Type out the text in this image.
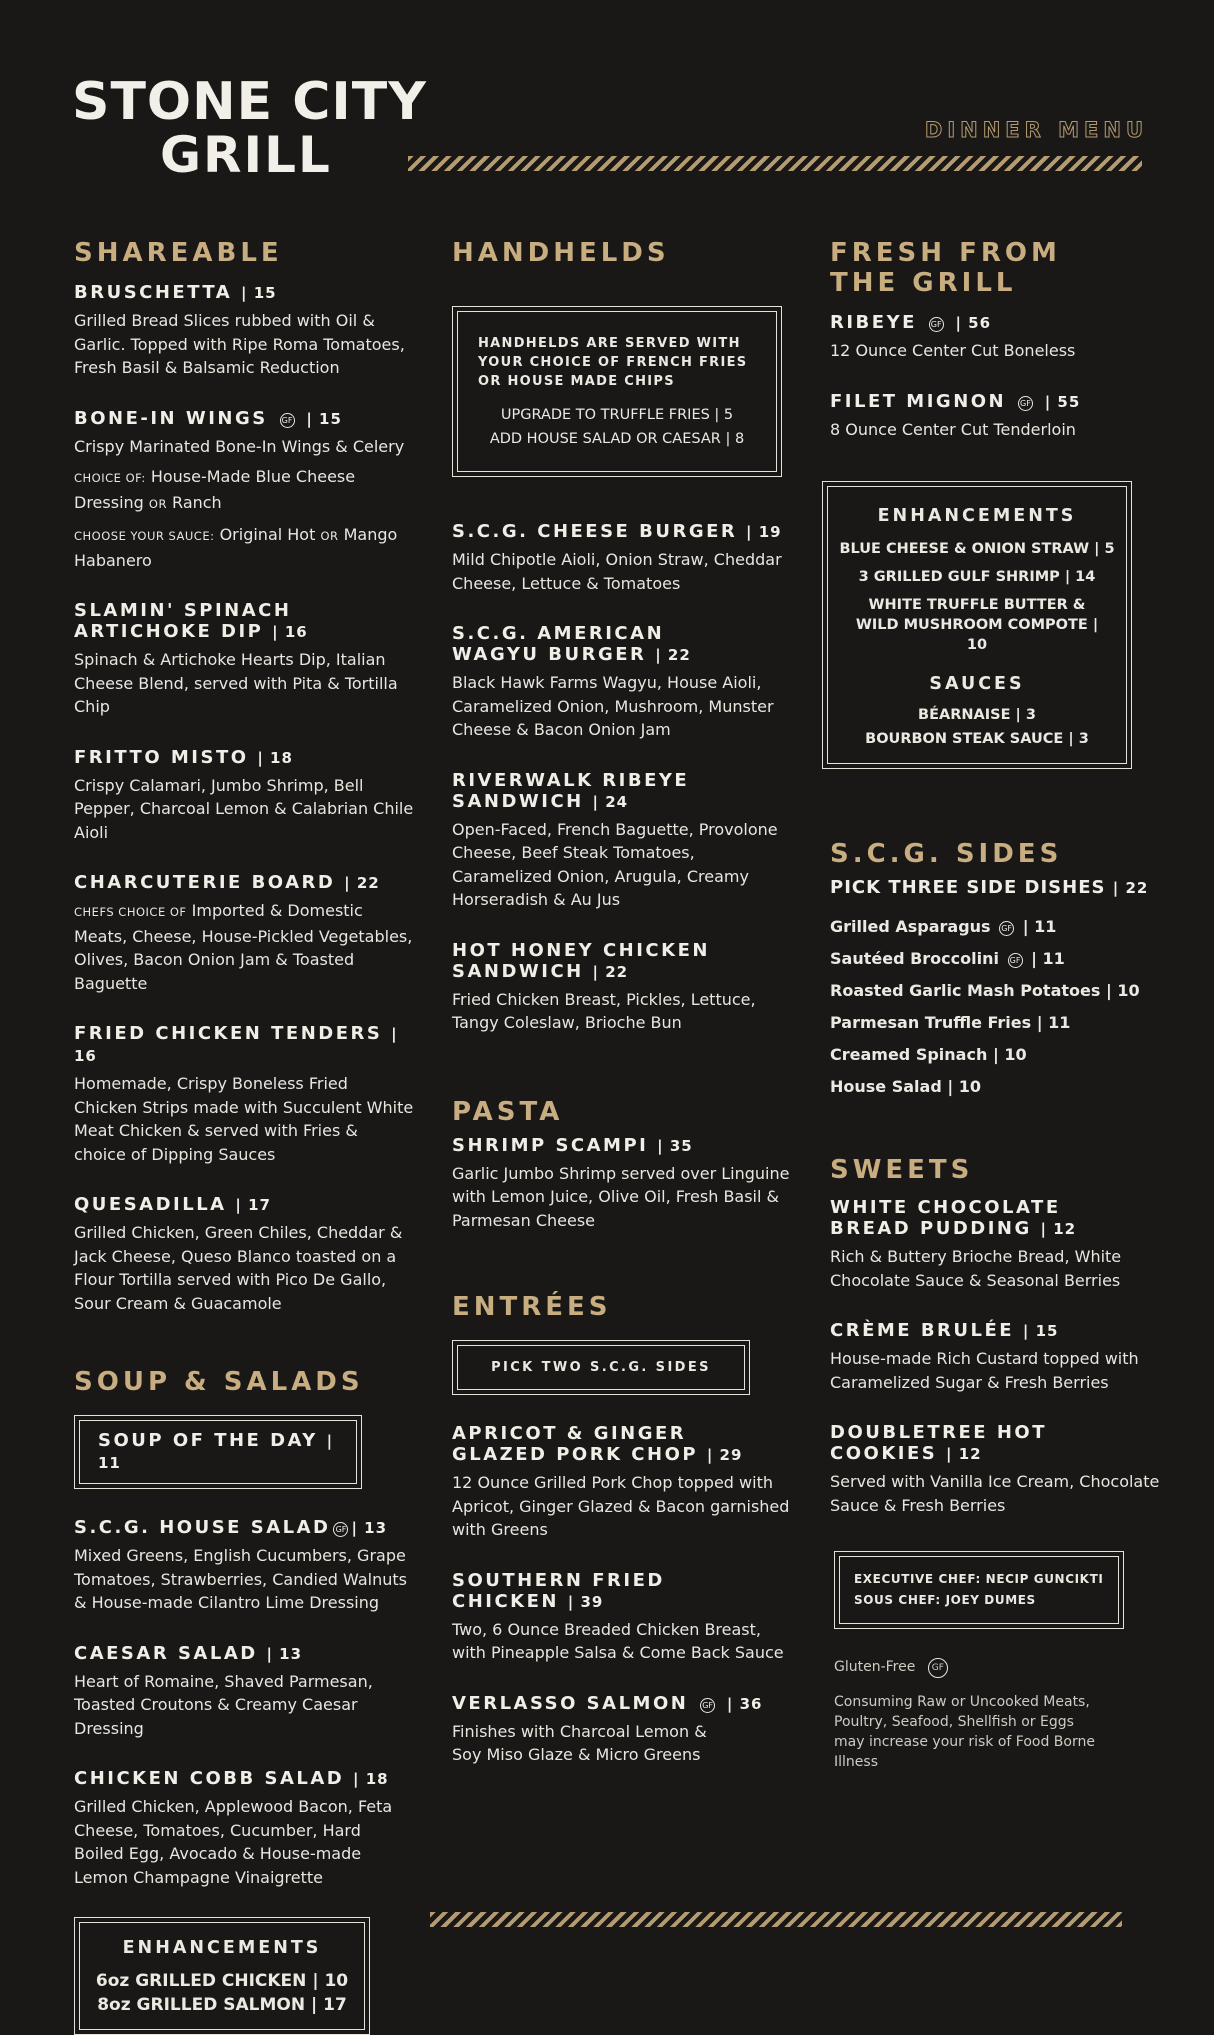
STONE CITY
GRILL	DINNER MENU
SHAREABLE
BRUSCHETTA | 15
Grilled Bread Slices rubbed with Oil & Garlic. Topped with Ripe Roma Tomatoes, Fresh Basil & Balsamic Reduction
BONE-IN WINGS GF | 15
Crispy Marinated Bone-In Wings & Celery
CHOICE OF: House-Made Blue Cheese Dressing OR Ranch
CHOOSE YOUR SAUCE: Original Hot OR Mango Habanero
SLAMIN' SPINACH ARTICHOKE DIP | 16
Spinach & Artichoke Hearts Dip, Italian Cheese Blend, served with Pita & Tortilla Chip
FRITTO MISTO | 18
Crispy Calamari, Jumbo Shrimp, Bell Pepper, Charcoal Lemon & Calabrian Chile Aioli
CHARCUTERIE BOARD | 22
CHEFS CHOICE OF Imported & Domestic Meats, Cheese, House-Pickled Vegetables, Olives, Bacon Onion Jam & Toasted Baguette
FRIED CHICKEN TENDERS | 16
Homemade, Crispy Boneless Fried Chicken Strips made with Succulent White Meat Chicken & served with Fries & choice of Dipping Sauces
QUESADILLA | 17
Grilled Chicken, Green Chiles, Cheddar & Jack Cheese, Queso Blanco toasted on a Flour Tortilla served with Pico De Gallo, Sour Cream & Guacamole
SOUP & SALADS
SOUP OF THE DAY | 11
S.C.G. HOUSE SALAD GF | 13
Mixed Greens, English Cucumbers, Grape Tomatoes, Strawberries, Candied Walnuts & House-made Cilantro Lime Dressing
CAESAR SALAD | 13
Heart of Romaine, Shaved Parmesan, Toasted Croutons & Creamy Caesar Dressing
CHICKEN COBB SALAD | 18
Grilled Chicken, Applewood Bacon, Feta Cheese, Tomatoes, Cucumber, Hard Boiled Egg, Avocado & House-made Lemon Champagne Vinaigrette
ENHANCEMENTS
6oz GRILLED CHICKEN | 10
8oz GRILLED SALMON | 17
HANDHELDS
HANDHELDS ARE SERVED WITH YOUR CHOICE OF FRENCH FRIES OR HOUSE MADE CHIPS
UPGRADE TO TRUFFLE FRIES | 5
ADD HOUSE SALAD OR CAESAR | 8
S.C.G. CHEESE BURGER | 19
Mild Chipotle Aioli, Onion Straw, Cheddar Cheese, Lettuce & Tomatoes
S.C.G. AMERICAN WAGYU BURGER | 22
Black Hawk Farms Wagyu, House Aioli, Caramelized Onion, Mushroom, Munster Cheese & Bacon Onion Jam
RIVERWALK RIBEYE SANDWICH | 24
Open-Faced, French Baguette, Provolone Cheese, Beef Steak Tomatoes, Caramelized Onion, Arugula, Creamy Horseradish & Au Jus
HOT HONEY CHICKEN SANDWICH | 22
Fried Chicken Breast, Pickles, Lettuce, Tangy Coleslaw, Brioche Bun
PASTA
SHRIMP SCAMPI | 35
Garlic Jumbo Shrimp served over Linguine with Lemon Juice, Olive Oil, Fresh Basil & Parmesan Cheese
ENTRÉES
PICK TWO S.C.G. SIDES
APRICOT & GINGER GLAZED PORK CHOP | 29
12 Ounce Grilled Pork Chop topped with Apricot, Ginger Glazed & Bacon garnished with Greens
SOUTHERN FRIED CHICKEN | 39
Two, 6 Ounce Breaded Chicken Breast, with Pineapple Salsa & Come Back Sauce
VERLASSO SALMON GF | 36
Finishes with Charcoal Lemon & Soy Miso Glaze & Micro Greens
FRESH FROM
THE GRILL
RIBEYE GF | 56
12 Ounce Center Cut Boneless
FILET MIGNON GF | 55
8 Ounce Center Cut Tenderloin
ENHANCEMENTS
BLUE CHEESE & ONION STRAW | 5
3 GRILLED GULF SHRIMP | 14
WHITE TRUFFLE BUTTER & WILD MUSHROOM COMPOTE | 10
SAUCES
BÉARNAISE | 3
BOURBON STEAK SAUCE | 3
S.C.G. SIDES
PICK THREE SIDE DISHES | 22
Grilled Asparagus GF | 11
Sautéed Broccolini GF | 11
Roasted Garlic Mash Potatoes | 10
Parmesan Truffle Fries | 11
Creamed Spinach | 10
House Salad | 10
SWEETS
WHITE CHOCOLATE BREAD PUDDING | 12
Rich & Buttery Brioche Bread, White Chocolate Sauce & Seasonal Berries
CRÈME BRULÉE | 15
House-made Rich Custard topped with Caramelized Sugar & Fresh Berries
DOUBLETREE HOT COOKIES | 12
Served with Vanilla Ice Cream, Chocolate Sauce & Fresh Berries
EXECUTIVE CHEF: NECIP GUNCIKTI
SOUS CHEF: JOEY DUMES
Gluten-Free GF
Consuming Raw or Uncooked Meats, Poultry, Seafood, Shellfish or Eggs may increase your risk of Food Borne Illness
